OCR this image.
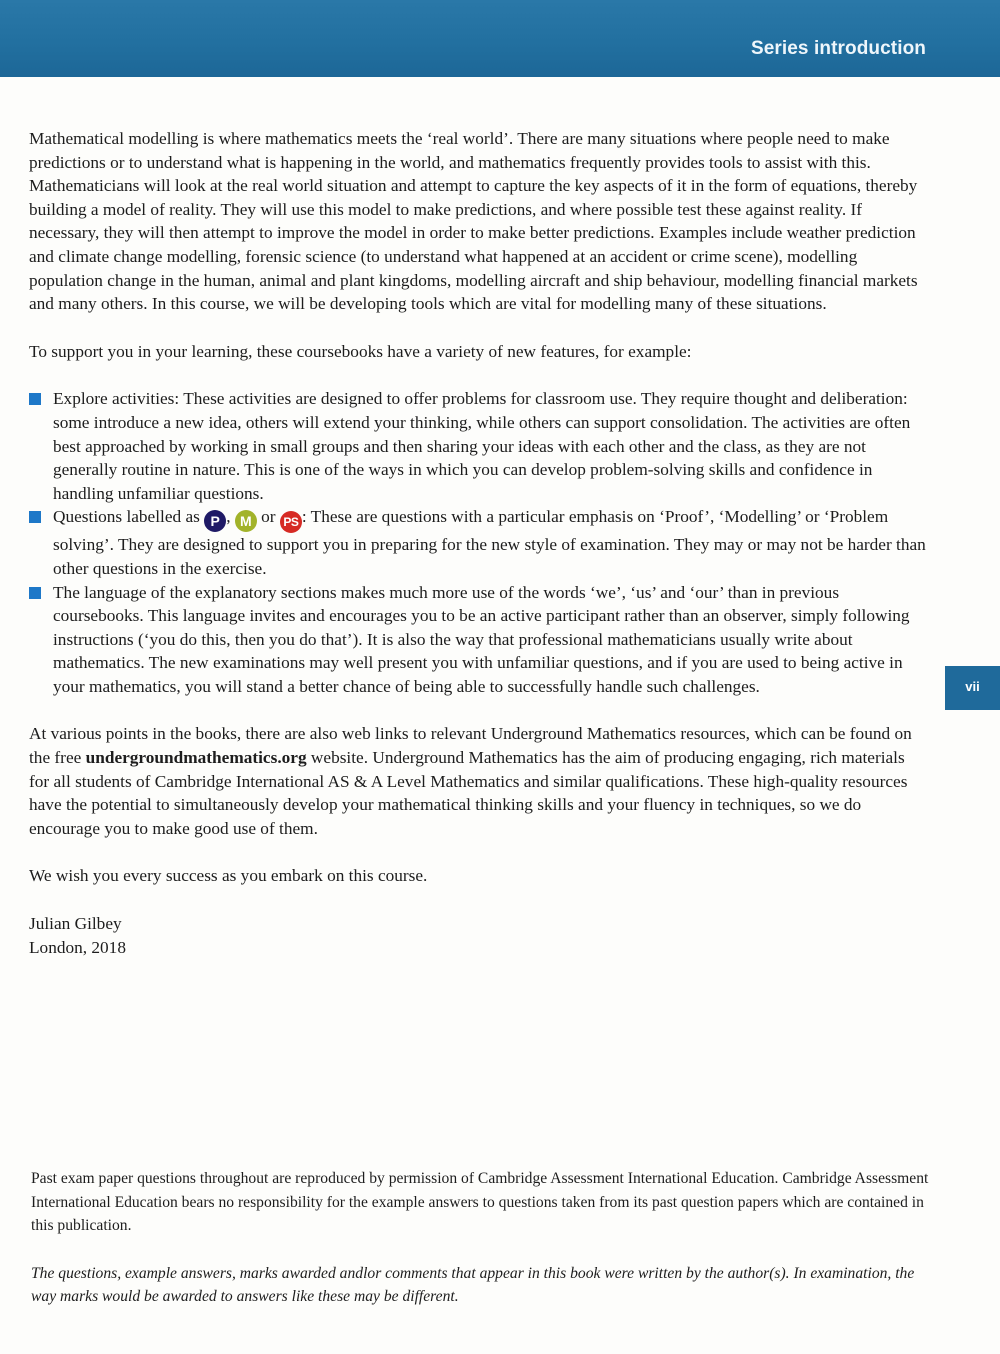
Series introduction
vii

Mathematical modelling is where mathematics meets the ‘real world’. There are many situations where people need to make predictions or to understand what is happening in the world, and mathematics frequently provides tools to assist with this. Mathematicians will look at the real world situation and attempt to capture the key aspects of it in the form of equations, thereby building a model of reality. They will use this model to make predictions, and where possible test these against reality. If necessary, they will then attempt to improve the model in order to make better predictions. Examples include weather prediction and climate change modelling, forensic science (to understand what happened at an accident or crime scene), modelling population change in the human, animal and plant kingdoms, modelling aircraft and ship behaviour, modelling financial markets and many others. In this course, we will be developing tools which are vital for modelling many of these situations.

To support you in your learning, these coursebooks have a variety of new features, for example:

Explore activities: These activities are designed to offer problems for classroom use. They require thought and deliberation: some introduce a new idea, others will extend your thinking, while others can support consolidation. The activities are often best approached by working in small groups and then sharing your ideas with each other and the class, as they are not generally routine in nature. This is one of the ways in which you can develop problem-solving skills and confidence in handling unfamiliar questions.
Questions labelled as P , M or PS : These are questions with a particular emphasis on ‘Proof’, ‘Modelling’ or ‘Problem solving’. They are designed to support you in preparing for the new style of examination. They may or may not be harder than other questions in the exercise.
The language of the explanatory sections makes much more use of the words ‘we’, ‘us’ and ‘our’ than in previous coursebooks. This language invites and encourages you to be an active participant rather than an observer, simply following instructions (‘you do this, then you do that’). It is also the way that professional mathematicians usually write about mathematics. The new examinations may well present you with unfamiliar questions, and if you are used to being active in your mathematics, you will stand a better chance of being able to successfully handle such challenges.

At various points in the books, there are also web links to relevant Underground Mathematics resources, which can be found on the free undergroundmathematics.org website. Underground Mathematics has the aim of producing engaging, rich materials for all students of Cambridge International AS & A Level Mathematics and similar qualifications. These high-quality resources have the potential to simultaneously develop your mathematical thinking skills and your fluency in techniques, so we do encourage you to make good use of them.

We wish you every success as you embark on this course.

Julian Gilbey

London, 2018

Past exam paper questions throughout are reproduced by permission of Cambridge Assessment International Education. Cambridge Assessment International Education bears no responsibility for the example answers to questions taken from its past question papers which are contained in this publication.

The questions, example answers, marks awarded andlor comments that appear in this book were written by the author(s). In examination, the way marks would be awarded to answers like these may be different.
